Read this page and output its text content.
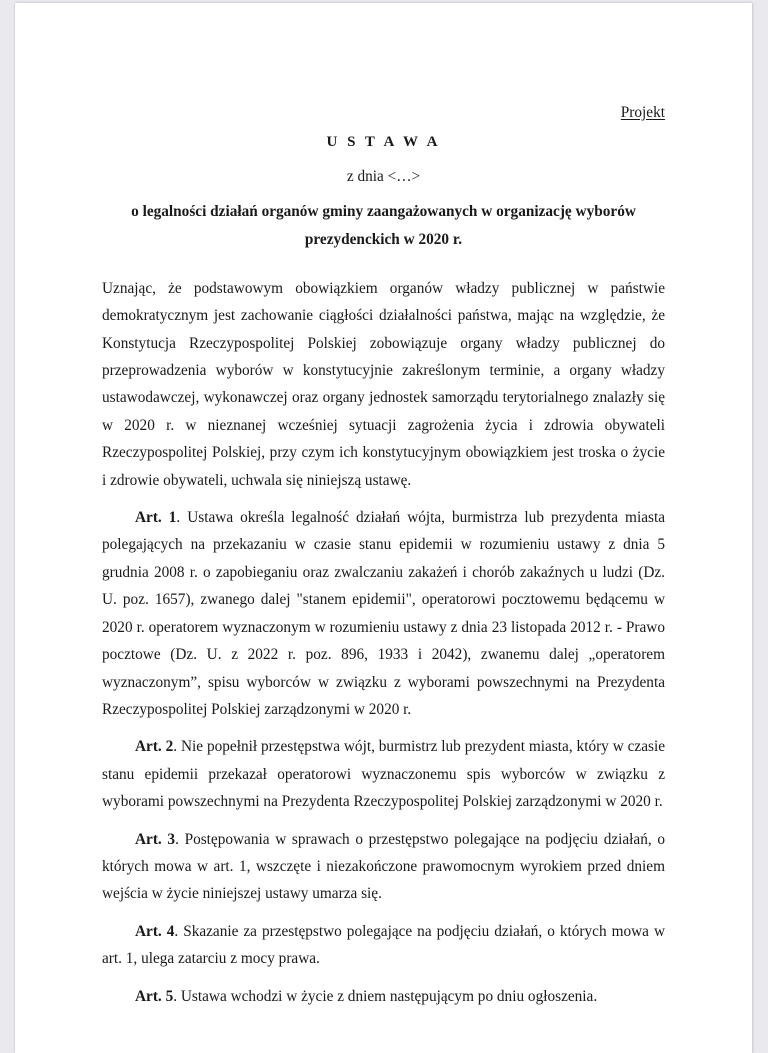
Projekt

U S T A W A

z dnia <…>

o legalności działań organów gminy zaangażowanych w organizację wyborów prezydenckich w 2020 r.

Uznając, że podstawowym obowiązkiem organów władzy publicznej w państwie demokratycznym jest zachowanie ciągłości działalności państwa, mając na względzie, że Konstytucja Rzeczypospolitej Polskiej zobowiązuje organy władzy publicznej do przeprowadzenia wyborów w konstytucyjnie zakreślonym terminie, a organy władzy ustawodawczej, wykonawczej oraz organy jednostek samorządu terytorialnego znalazły się w 2020 r. w nieznanej wcześniej sytuacji zagrożenia życia i zdrowia obywateli Rzeczypospolitej Polskiej, przy czym ich konstytucyjnym obowiązkiem jest troska o życie i zdrowie obywateli, uchwala się niniejszą ustawę.

Art. 1. Ustawa określa legalność działań wójta, burmistrza lub prezydenta miasta polegających na przekazaniu w czasie stanu epidemii w rozumieniu ustawy z dnia 5 grudnia 2008 r. o zapobieganiu oraz zwalczaniu zakażeń i chorób zakaźnych u ludzi (Dz. U. poz. 1657), zwanego dalej "stanem epidemii", operatorowi pocztowemu będącemu w 2020 r. operatorem wyznaczonym w rozumieniu ustawy z dnia 23 listopada 2012 r. - Prawo pocztowe (Dz. U. z 2022 r. poz. 896, 1933 i 2042), zwanemu dalej „operatorem wyznaczonym”, spisu wyborców w związku z wyborami powszechnymi na Prezydenta Rzeczypospolitej Polskiej zarządzonymi w 2020 r.

Art. 2. Nie popełnił przestępstwa wójt, burmistrz lub prezydent miasta, który w czasie stanu epidemii przekazał operatorowi wyznaczonemu spis wyborców w związku z wyborami powszechnymi na Prezydenta Rzeczypospolitej Polskiej zarządzonymi w 2020 r.

Art. 3. Postępowania w sprawach o przestępstwo polegające na podjęciu działań, o których mowa w art. 1, wszczęte i niezakończone prawomocnym wyrokiem przed dniem wejścia w życie niniejszej ustawy umarza się.

Art. 4. Skazanie za przestępstwo polegające na podjęciu działań, o których mowa w art. 1, ulega zatarciu z mocy prawa.

Art. 5. Ustawa wchodzi w życie z dniem następującym po dniu ogłoszenia.
